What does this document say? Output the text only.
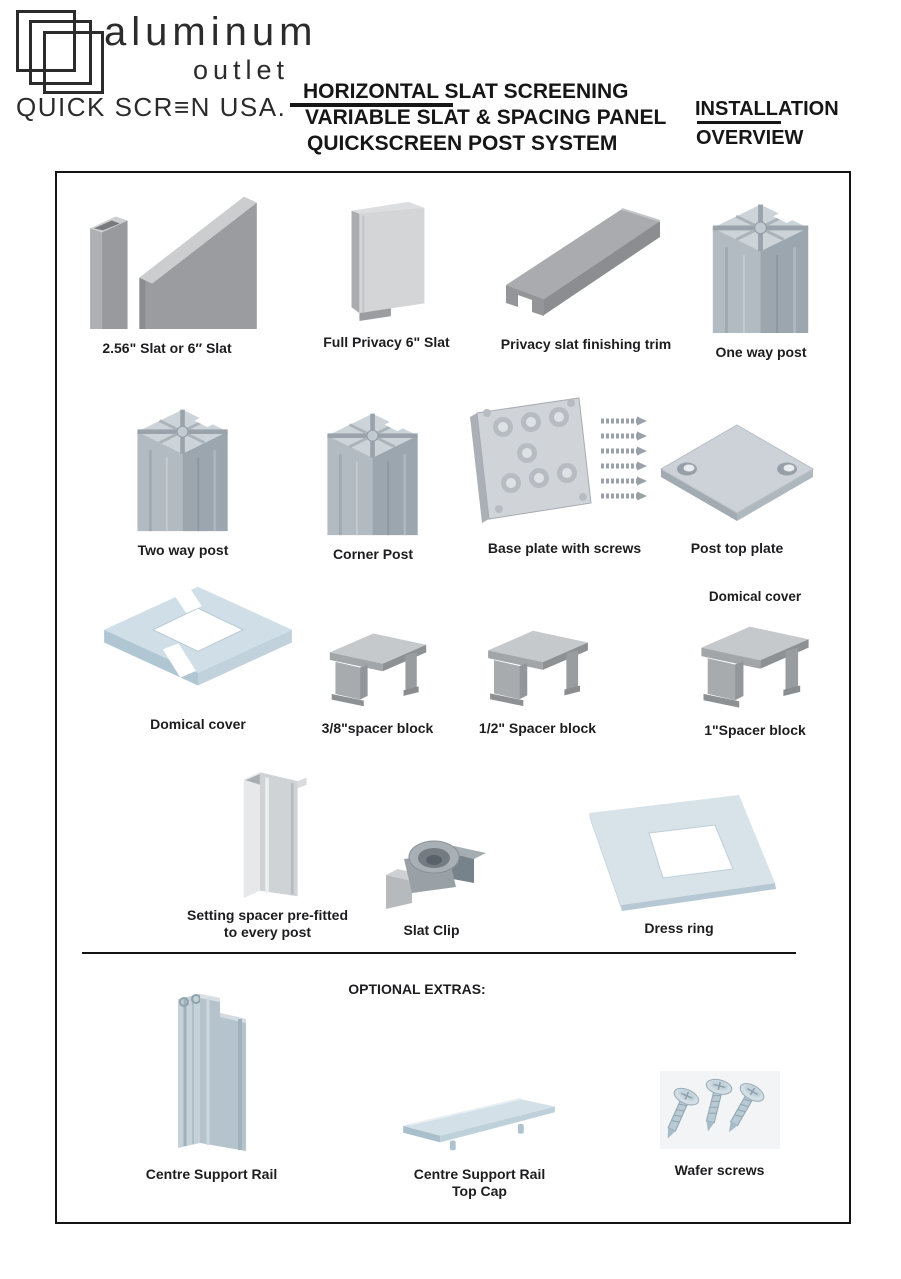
aluminum
outlet
QUICK SCR≡N USA.
HORIZONTAL SLAT SCREENING
VARIABLE SLAT & SPACING PANEL
QUICKSCREEN POST SYSTEM
INSTALLATION
OVERVIEW
2.56" Slat or 6″ Slat	Full Privacy 6" Slat	Privacy slat finishing trim	One way post
Two way post	Corner Post	Base plate with screws	Post top plate
Domical cover	3/8"spacer block	1/2" Spacer block
Domical cover
1"Spacer block
Setting spacer pre-fitted
to every post	Slat Clip	Dress ring
OPTIONAL EXTRAS:
Centre Support Rail	Centre Support Rail
Top Cap
Wafer screws
